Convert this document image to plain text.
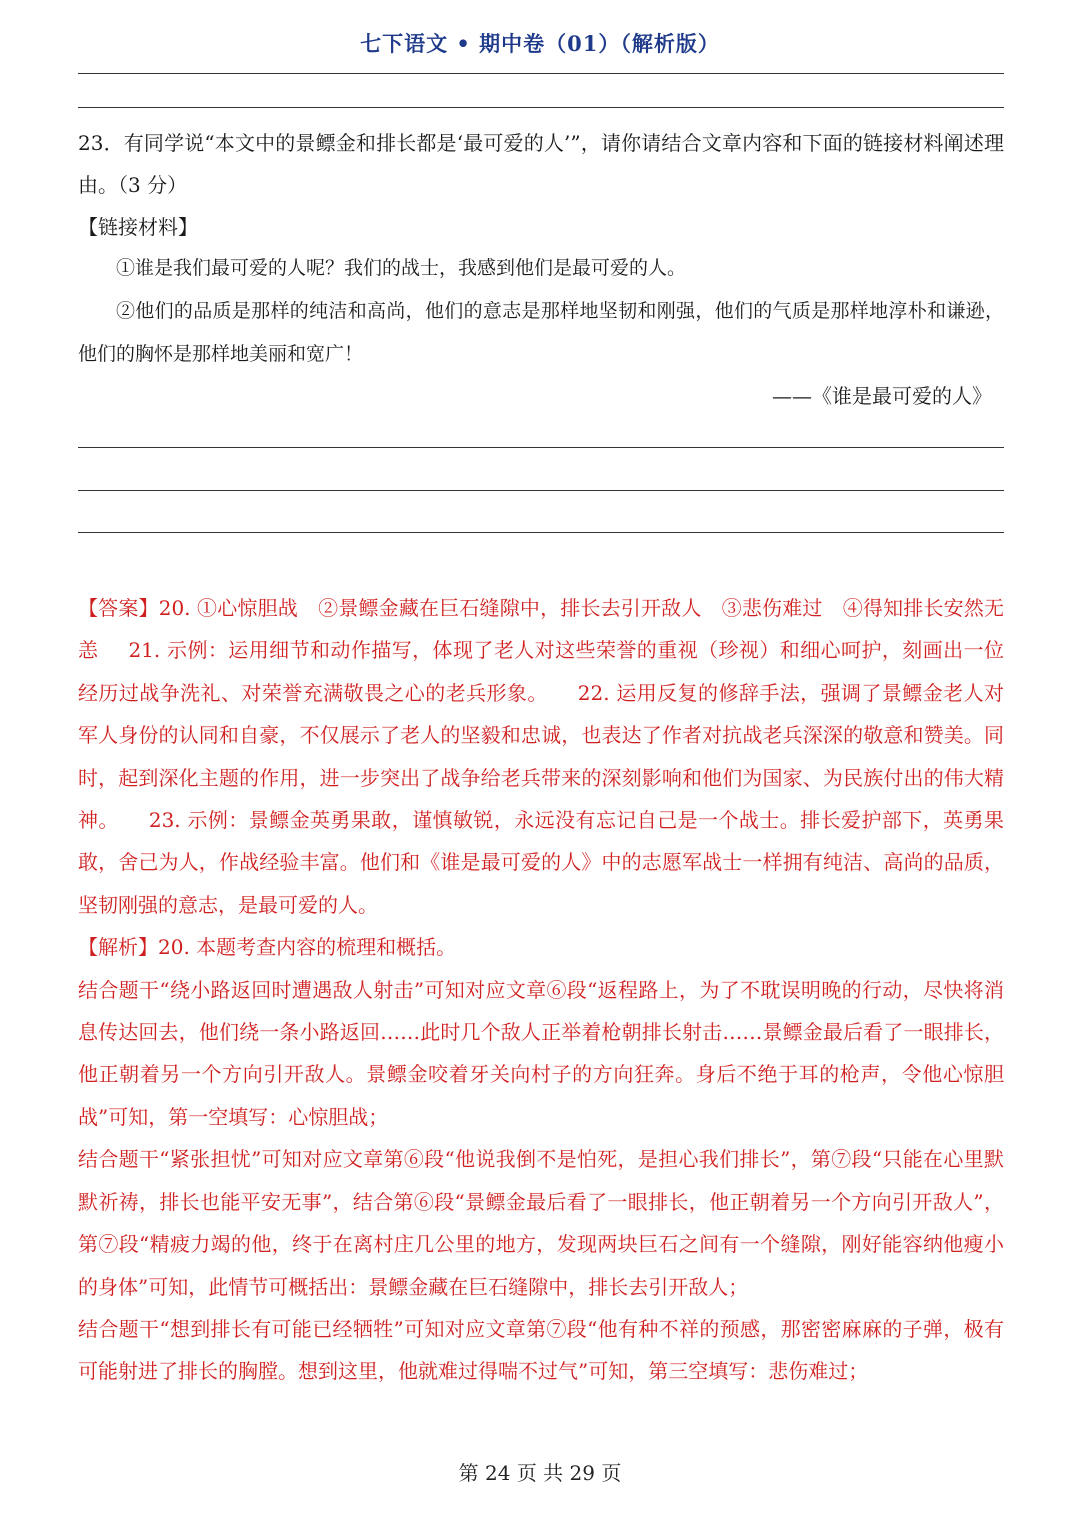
七下语文 • 期中卷（01）（解析版）
23．有同学说“本文中的景鳔金和排长都是‘最可爱的人’”，请你请结合文章内容和下面的链接材料阐述理由。（3 分）
【链接材料】
①谁是我们最可爱的人呢？我们的战士，我感到他们是最可爱的人。
②他们的品质是那样的纯洁和高尚，他们的意志是那样地坚韧和刚强，他们的气质是那样地淳朴和谦逊，他们的胸怀是那样地美丽和宽广！
——《谁是最可爱的人》

【答案】20. ①心惊胆战　②景鳔金藏在巨石缝隙中，排长去引开敌人　③悲伤难过　④得知排长安然无恙 21. 示例：运用细节和动作描写，体现了老人对这些荣誉的重视（珍视）和细心呵护，刻画出一位经历过战争洗礼、对荣誉充满敬畏之心的老兵形象。 22. 运用反复的修辞手法，强调了景鳔金老人对军人身份的认同和自豪，不仅展示了老人的坚毅和忠诚，也表达了作者对抗战老兵深深的敬意和赞美。同时，起到深化主题的作用，进一步突出了战争给老兵带来的深刻影响和他们为国家、为民族付出的伟大精神。 23. 示例：景鳔金英勇果敢，谨慎敏锐，永远没有忘记自己是一个战士。排长爱护部下，英勇果敢，舍己为人，作战经验丰富。他们和《谁是最可爱的人》中的志愿军战士一样拥有纯洁、高尚的品质，坚韧刚强的意志，是最可爱的人。

【解析】20. 本题考查内容的梳理和概括。

结合题干“绕小路返回时遭遇敌人射击”可知对应文章⑥段“返程路上，为了不耽误明晚的行动，尽快将消息传达回去，他们绕一条小路返回……此时几个敌人正举着枪朝排长射击……景鳔金最后看了一眼排长，他正朝着另一个方向引开敌人。景鳔金咬着牙关向村子的方向狂奔。身后不绝于耳的枪声，令他心惊胆战”可知，第一空填写：心惊胆战；

结合题干“紧张担忧”可知对应文章第⑥段“他说我倒不是怕死，是担心我们排长”，第⑦段“只能在心里默默祈祷，排长也能平安无事”，结合第⑥段“景鳔金最后看了一眼排长，他正朝着另一个方向引开敌人”，第⑦段“精疲力竭的他，终于在离村庄几公里的地方，发现两块巨石之间有一个缝隙，刚好能容纳他瘦小的身体”可知，此情节可概括出：景鳔金藏在巨石缝隙中，排长去引开敌人；

结合题干“想到排长有可能已经牺牲”可知对应文章第⑦段“他有种不祥的预感，那密密麻麻的子弹，极有可能射进了排长的胸膛。想到这里，他就难过得喘不过气”可知，第三空填写：悲伤难过；

第 24 页 共 29 页
